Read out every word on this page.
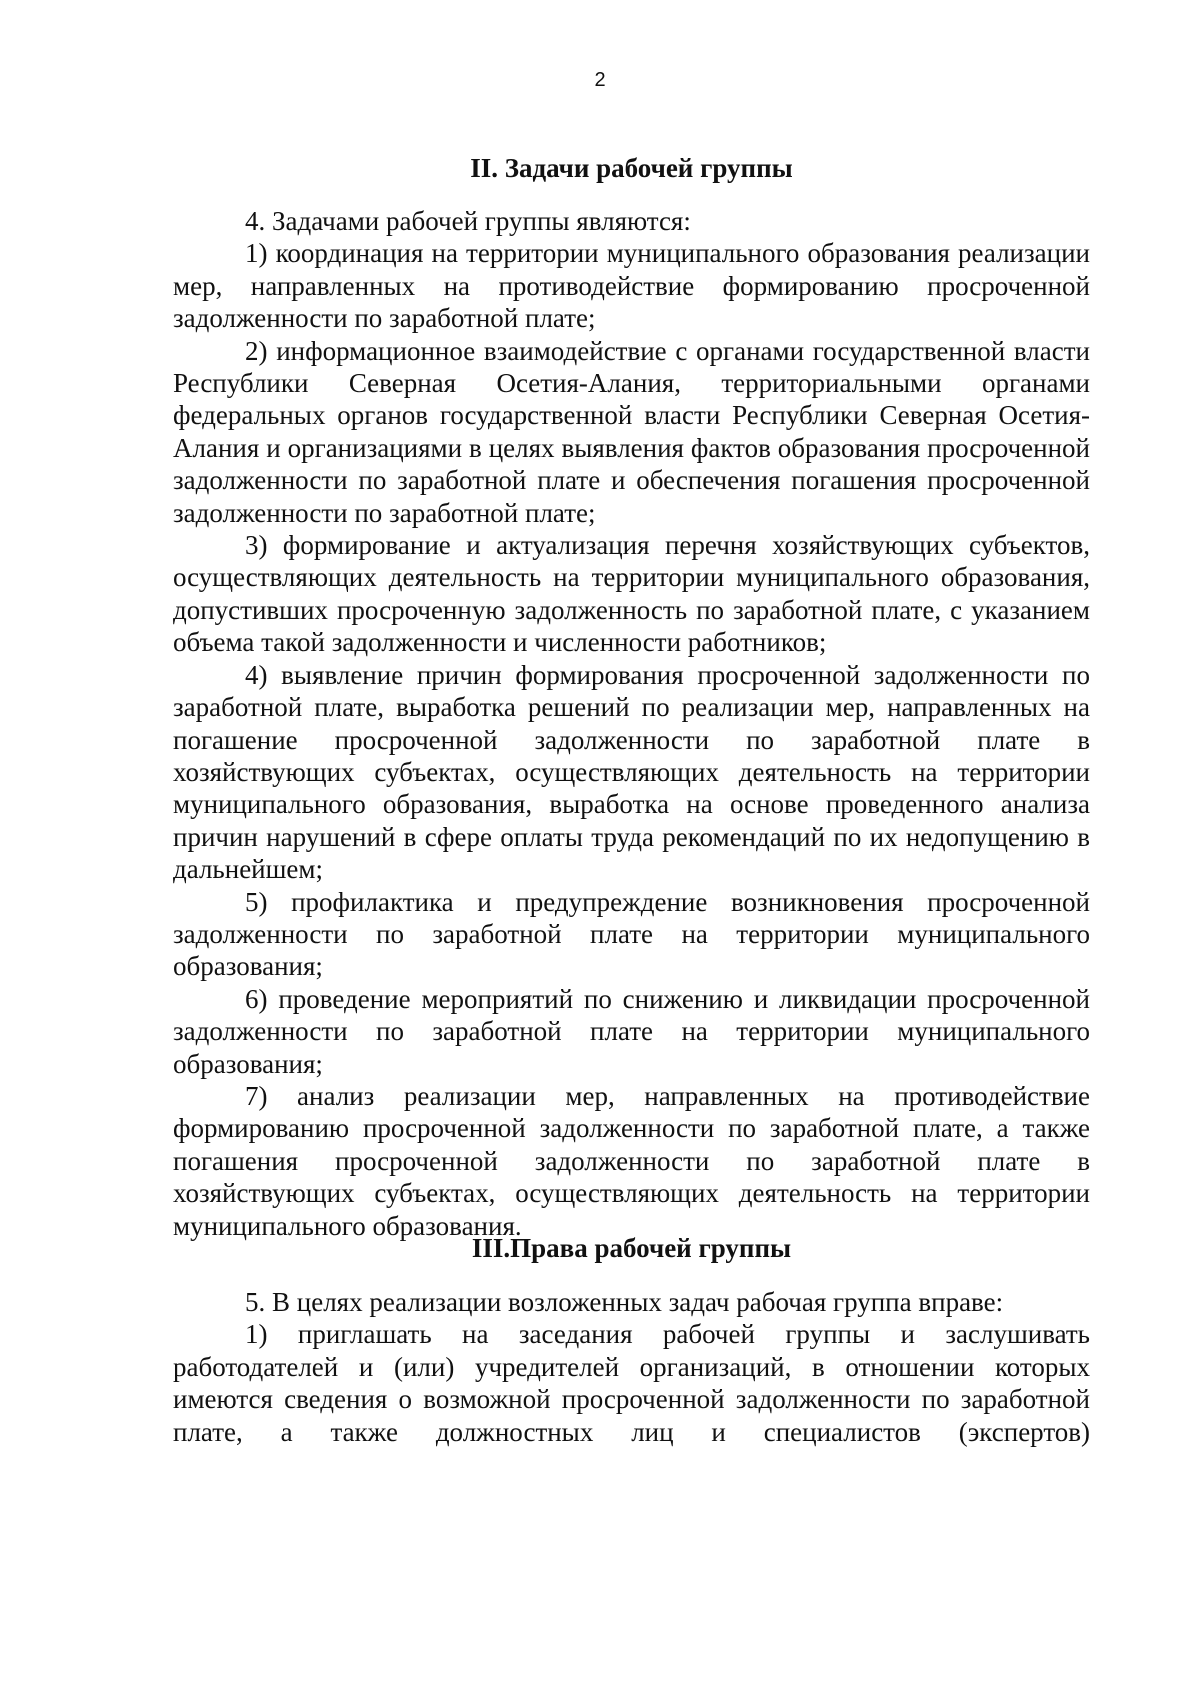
2

II. Задачи рабочей группы

4. Задачами рабочей группы являются:

1) координация на территории муниципального образования реализации мер, направленных на противодействие формированию просроченной задолженности по заработной плате;

2) информационное взаимодействие с органами государственной власти Республики Северная Осетия-Алания, территориальными органами федеральных органов государственной власти Республики Северная Осетия-Алания и организациями в целях выявления фактов образования просроченной задолженности по заработной плате и обеспечения погашения просроченной задолженности по заработной плате;

3) формирование и актуализация перечня хозяйствующих субъектов, осуществляющих деятельность на территории муниципального образования, допустивших просроченную задолженность по заработной плате, с указанием объема такой задолженности и численности работников;

4) выявление причин формирования просроченной задолженности по заработной плате, выработка решений по реализации мер, направленных на погашение просроченной задолженности по заработной плате в хозяйствующих субъектах, осуществляющих деятельность на территории муниципального образования, выработка на основе проведенного анализа причин нарушений в сфере оплаты труда рекомендаций по их недопущению в дальнейшем;

5) профилактика и предупреждение возникновения просроченной задолженности по заработной плате на территории муниципального образования;

6) проведение мероприятий по снижению и ликвидации просроченной задолженности по заработной плате на территории муниципального образования;

7) анализ реализации мер, направленных на противодействие формированию просроченной задолженности по заработной плате, а также погашения просроченной задолженности по заработной плате в хозяйствующих субъектах, осуществляющих деятельность на территории муниципального образования.

III.Права рабочей группы

5. В целях реализации возложенных задач рабочая группа вправе:

1) приглашать на заседания рабочей группы и заслушивать работодателей и (или) учредителей организаций, в отношении которых имеются сведения о возможной просроченной задолженности по заработной плате, а также должностных лиц и специалистов (экспертов)
